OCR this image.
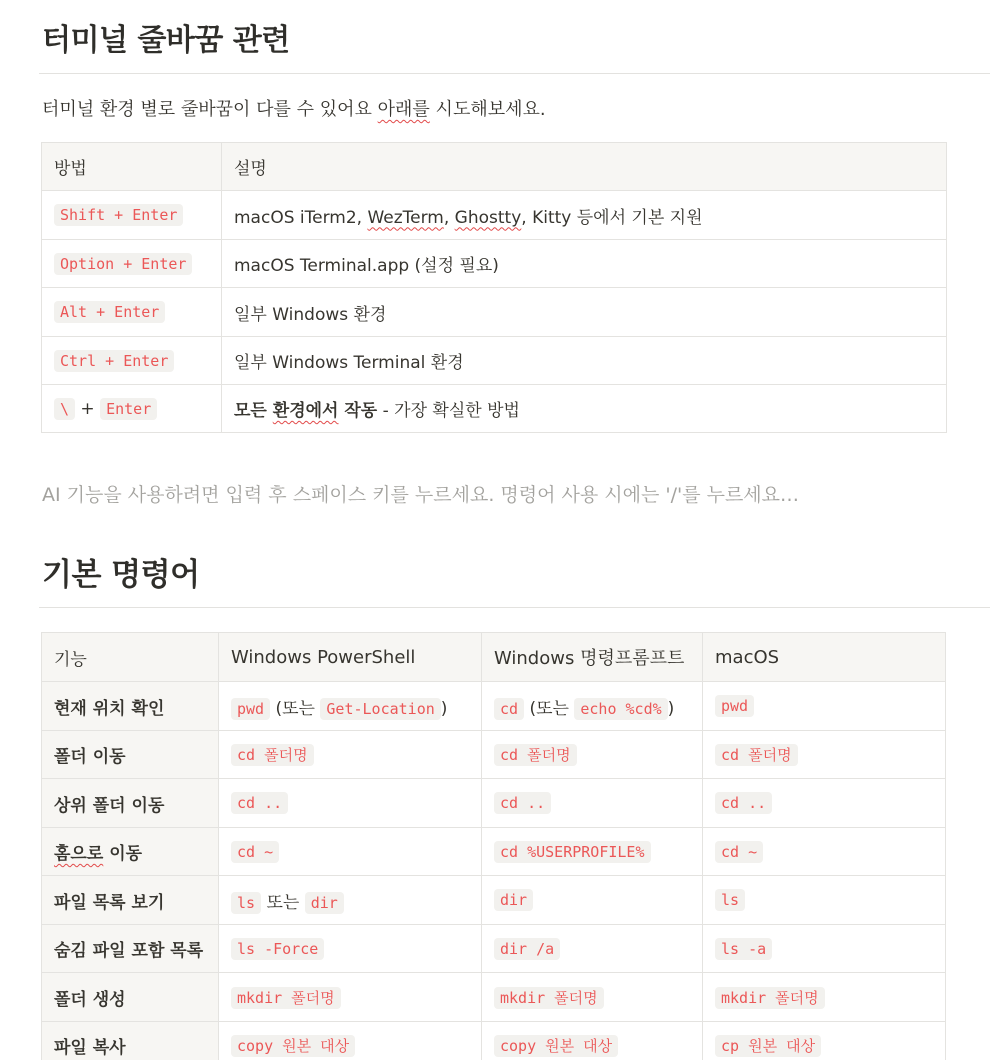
터미널 줄바꿈 관련

터미널 환경 별로 줄바꿈이 다를 수 있어요 아래를 시도해보세요.

방법	설명
Shift + Enter	macOS iTerm2, WezTerm, Ghostty, Kitty 등에서 기본 지원
Option + Enter	macOS Terminal.app (설정 필요)
Alt + Enter	일부 Windows 환경
Ctrl + Enter	일부 Windows Terminal 환경
\ + Enter	모든 환경에서 작동 - 가장 확실한 방법

AI 기능을 사용하려면 입력 후 스페이스 키를 누르세요. 명령어 사용 시에는 '/'를 누르세요…

기본 명령어
기능	Windows PowerShell	Windows 명령프롬프트	macOS
현재 위치 확인	pwd (또는 Get-Location )	cd (또는 echo %cd% )	pwd
폴더 이동	cd 폴더명	cd 폴더명	cd 폴더명
상위 폴더 이동	cd ..	cd ..	cd ..
홈으로 이동	cd ~	cd %USERPROFILE%	cd ~
파일 목록 보기	ls 또는 dir	dir	ls
숨김 파일 포함 목록	ls -Force	dir /a	ls -a
폴더 생성	mkdir 폴더명	mkdir 폴더명	mkdir 폴더명
파일 복사	copy 원본 대상	copy 원본 대상	cp 원본 대상
